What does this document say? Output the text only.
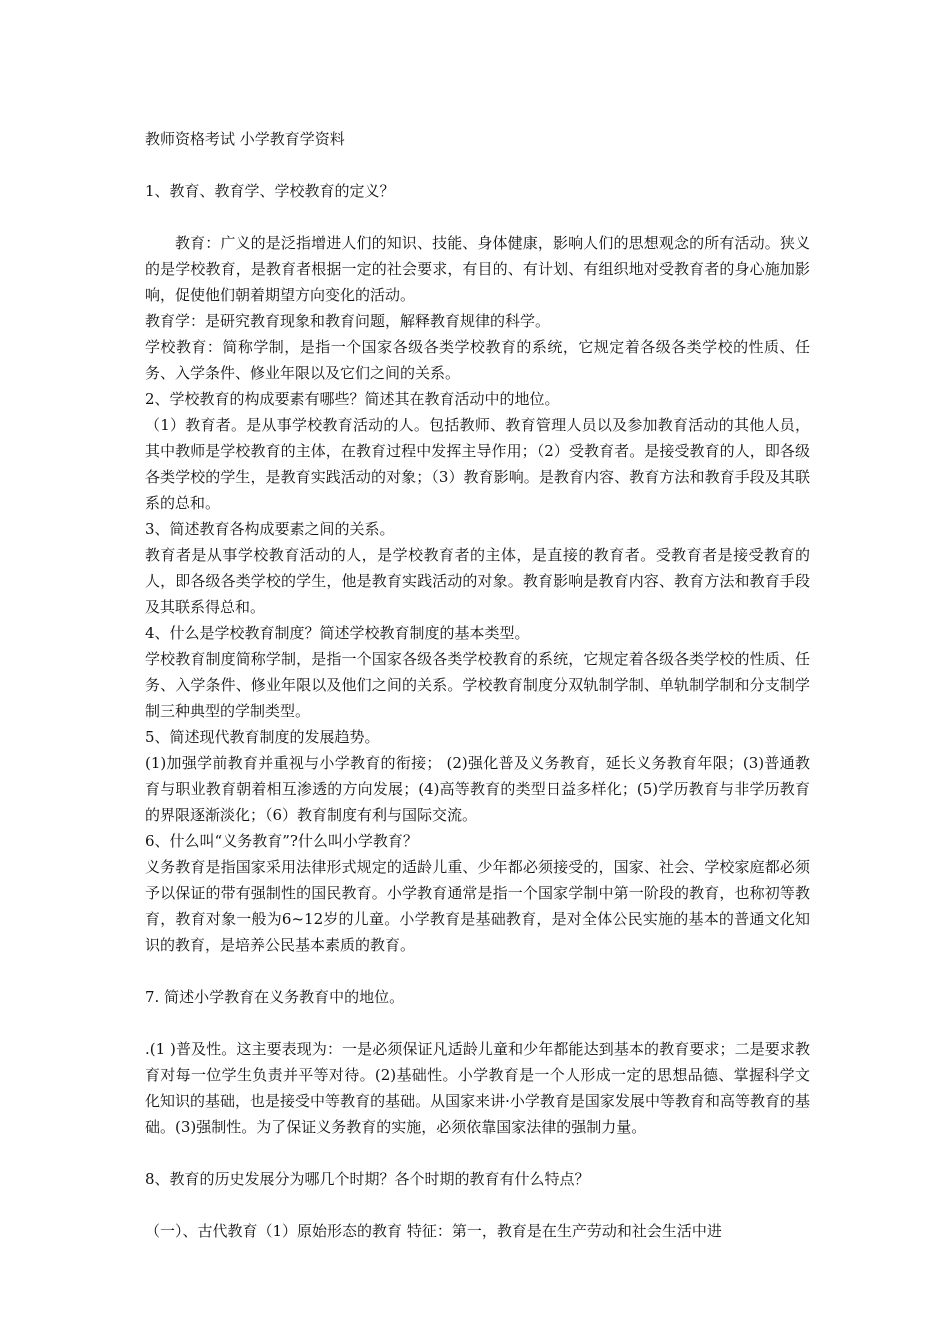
教师资格考试 小学教育学资料

1、教育、教育学、学校教育的定义？

教育：广义的是泛指增进人们的知识、技能、身体健康，影响人们的思想观念的所有活动。狭义的是学校教育，是教育者根据一定的社会要求，有目的、有计划、有组织地对受教育者的身心施加影响，促使他们朝着期望方向变化的活动。

教育学：是研究教育现象和教育问题，解释教育规律的科学。

学校教育：简称学制，是指一个国家各级各类学校教育的系统，它规定着各级各类学校的性质、任务、入学条件、修业年限以及它们之间的关系。

2、学校教育的构成要素有哪些？简述其在教育活动中的地位。

（1）教育者。是从事学校教育活动的人。包括教师、教育管理人员以及参加教育活动的其他人员，其中教师是学校教育的主体，在教育过程中发挥主导作用；（2）受教育者。是接受教育的人，即各级各类学校的学生，是教育实践活动的对象；（3）教育影响。是教育内容、教育方法和教育手段及其联系的总和。

3、简述教育各构成要素之间的关系。

教育者是从事学校教育活动的人，是学校教育者的主体，是直接的教育者。受教育者是接受教育的人，即各级各类学校的学生，他是教育实践活动的对象。教育影响是教育内容、教育方法和教育手段及其联系得总和。

4、什么是学校教育制度？简述学校教育制度的基本类型。

学校教育制度简称学制，是指一个国家各级各类学校教育的系统，它规定着各级各类学校的性质、任务、入学条件、修业年限以及他们之间的关系。学校教育制度分双轨制学制、单轨制学制和分支制学制三种典型的学制类型。

5、简述现代教育制度的发展趋势。

(1)加强学前教育并重视与小学教育的衔接； (2)强化普及义务教育，延长义务教育年限；(3)普通教育与职业教育朝着相互渗透的方向发展；(4)高等教育的类型日益多样化；(5)学历教育与非学历教育的界限逐渐淡化；（6）教育制度有利与国际交流。

6、什么叫“义务教育”?什么叫小学教育？

义务教育是指国家采用法律形式规定的适龄儿重、少年都必须接受的，国家、社会、学校家庭都必须予以保证的带有强制性的国民教育。小学教育通常是指一个国家学制中第一阶段的教育，也称初等教育，教育对象一般为6~12岁的儿童。小学教育是基础教育，是对全体公民实施的基本的普通文化知识的教育，是培养公民基本素质的教育。

7. 简述小学教育在义务教育中的地位。

.(1 )普及性。这主要表现为：一是必须保证凡适龄儿童和少年都能达到基本的教育要求；二是要求教育对每一位学生负责并平等对待。(2)基础性。小学教育是一个人形成一定的思想品德、掌握科学文化知识的基础，也是接受中等教育的基础。从国家来讲·小学教育是国家发展中等教育和高等教育的基础。(3)强制性。为了保证义务教育的实施，必须依靠国家法律的强制力量。

8、教育的历史发展分为哪几个时期？各个时期的教育有什么特点？

（一）、古代教育（1）原始形态的教育 特征：第一，教育是在生产劳动和社会生活中进
